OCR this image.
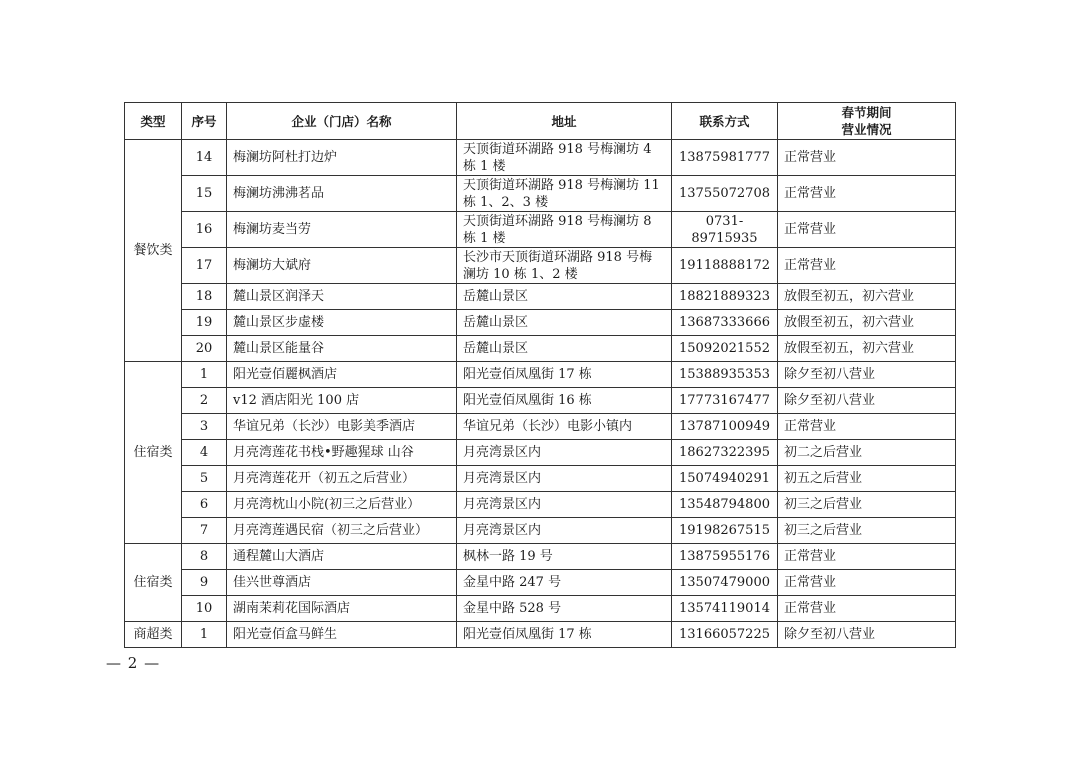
类型	序号	企业（门店）名称	地址	联系方式	春节期间
营业情况

餐饮类	14	梅澜坊阿杜打边炉	天顶街道环湖路 918 号梅澜坊 4 栋 1 楼	13875981777	正常营业
	15	梅澜坊沸沸茗品	天顶街道环湖路 918 号梅澜坊 11 栋 1、2、3 楼	13755072708	正常营业
	16	梅澜坊麦当劳	天顶街道环湖路 918 号梅澜坊 8 栋 1 楼	0731-89715935	正常营业
	17	梅澜坊大斌府	长沙市天顶街道环湖路 918 号梅澜坊 10 栋 1、2 楼	19118888172	正常营业
	18	麓山景区润泽天	岳麓山景区	18821889323	放假至初五，初六营业
	19	麓山景区步虚楼	岳麓山景区	13687333666	放假至初五，初六营业
	20	麓山景区能量谷	岳麓山景区	15092021552	放假至初五，初六营业
住宿类	1	阳光壹佰麗枫酒店	阳光壹佰凤凰街 17 栋	15388935353	除夕至初八营业
	2	v12 酒店阳光 100 店	阳光壹佰凤凰街 16 栋	17773167477	除夕至初八营业
	3	华谊兄弟（长沙）电影美季酒店	华谊兄弟（长沙）电影小镇内	13787100949	正常营业
	4	月亮湾莲花书栈•野趣猩球 山谷	月亮湾景区内	18627322395	初二之后营业
	5	月亮湾莲花开（初五之后营业）	月亮湾景区内	15074940291	初五之后营业
	6	月亮湾枕山小院(初三之后营业）	月亮湾景区内	13548794800	初三之后营业
	7	月亮湾莲遇民宿（初三之后营业）	月亮湾景区内	19198267515	初三之后营业
住宿类	8	通程麓山大酒店	枫林一路 19 号	13875955176	正常营业
	9	佳兴世尊酒店	金星中路 247 号	13507479000	正常营业
	10	湖南茉莉花国际酒店	金星中路 528 号	13574119014	正常营业
商超类	1	阳光壹佰盒马鲜生	阳光壹佰凤凰街 17 栋	13166057225	除夕至初八营业
— 2 —
